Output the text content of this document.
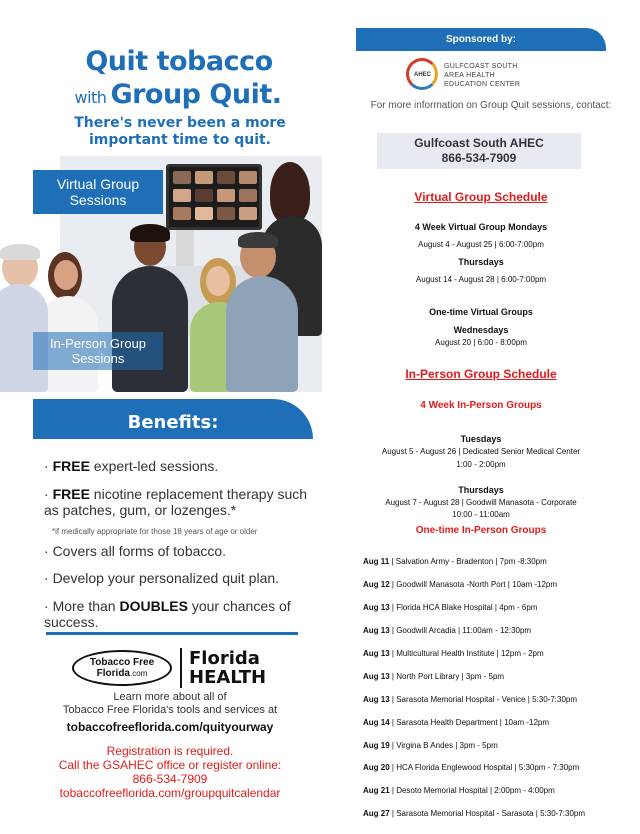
Quit tobacco
with Group Quit.
There's never been a more
important time to quit.
Virtual Group
Sessions
In-Person Group
Sessions
Benefits:
· FREE expert-led sessions.
· FREE nicotine replacement therapy such as patches, gum, or lozenges.*
*if medically appropriate for those 18 years of age or older
· Covers all forms of tobacco.
· Develop your personalized quit plan.
· More than DOUBLES your chances of success.
Tobacco Free
Florida.com
Florida
HEALTH
Learn more about all of
Tobacco Free Florida's tools and services at
tobaccofreeflorida.com/quityourway
Registration is required.
Call the GSAHEC office or register online:
866-534-7909
tobaccofreeflorida.com/groupquitcalendar
Sponsored by:
AHEC
GULFCOAST SOUTH
AREA HEALTH
EDUCATION CENTER
For more information on Group Quit sessions, contact:
Gulfcoast South AHEC
866-534-7909
Virtual Group Schedule
4 Week Virtual Group Mondays
August 4 - August 25 | 6:00-7:00pm
Thursdays
August 14 - August 28 | 6:00-7:00pm
One-time Virtual Groups
Wednesdays
August 20 | 6:00 - 8:00pm
In-Person Group Schedule
4 Week In-Person Groups
Tuesdays
August 5 - August 26 | Dedicated Senior Medical Center
1:00 - 2:00pm
Thursdays
August 7 - August 28 | Goodwill Manasota - Corporate
10:00 - 11:00am
One-time In-Person Groups
Aug 11 | Salvation Army - Bradenton | 7pm -8:30pm
Aug 12 | Goodwill Manasota -North Port | 10am -12pm
Aug 13 | Florida HCA Blake Hospital | 4pm - 6pm
Aug 13 | Goodwill Arcadia | 11:00am - 12:30pm
Aug 13 | Multicultural Health Institute | 12pm - 2pm
Aug 13 | North Port Library | 3pm - 5pm
Aug 13 | Sarasota Memorial Hospital - Venice | 5:30-7:30pm
Aug 14 | Sarasota Health Department | 10am -12pm
Aug 19 | Virgina B Andes | 3pm - 5pm
Aug 20 | HCA Florida Englewood Hospital | 5:30pm - 7:30pm
Aug 21 | Desoto Memorial Hospital | 2:00pm - 4:00pm
Aug 27 | Sarasota Memorial Hospital - Sarasota | 5:30-7:30pm
